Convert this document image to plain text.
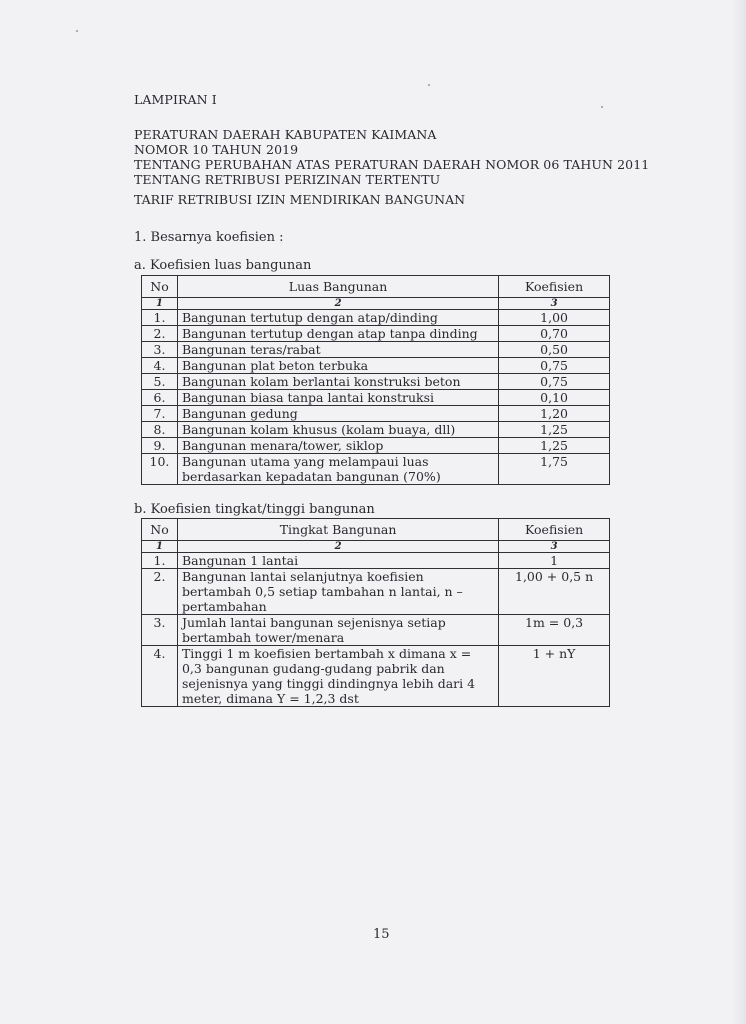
LAMPIRAN I
PERATURAN DAERAH KABUPATEN KAIMANA
NOMOR 10 TAHUN 2019
TENTANG PERUBAHAN ATAS PERATURAN DAERAH NOMOR 06 TAHUN 2011
TENTANG RETRIBUSI PERIZINAN TERTENTU
TARIF RETRIBUSI IZIN MENDIRIKAN BANGUNAN
1. Besarnya koefisien :
a. Koefisien luas bangunan
No	Luas Bangunan	Koefisien
1	2	3
1.	Bangunan tertutup dengan atap/dinding	1,00
2.	Bangunan tertutup dengan atap tanpa dinding	0,70
3.	Bangunan teras/rabat	0,50
4.	Bangunan plat beton terbuka	0,75
5.	Bangunan kolam berlantai konstruksi beton	0,75
6.	Bangunan biasa tanpa lantai konstruksi	0,10
7.	Bangunan gedung	1,20
8.	Bangunan kolam khusus (kolam buaya, dll)	1,25
9.	Bangunan menara/tower, siklop	1,25
10.	Bangunan utama yang melampaui luas berdasarkan kepadatan bangunan (70%)	1,75
b. Koefisien tingkat/tinggi bangunan
No	Tingkat Bangunan	Koefisien
1	2	3
1.	Bangunan 1 lantai	1
2.	Bangunan lantai selanjutnya koefisien bertambah 0,5 setiap tambahan n lantai, n – pertambahan	1,00 + 0,5 n
3.	Jumlah lantai bangunan sejenisnya setiap bertambah tower/menara	1m = 0,3
4.	Tinggi 1 m koefisien bertambah x dimana x = 0,3 bangunan gudang-gudang pabrik dan sejenisnya yang tinggi dindingnya lebih dari 4 meter, dimana Y = 1,2,3 dst	1 + nY
15
